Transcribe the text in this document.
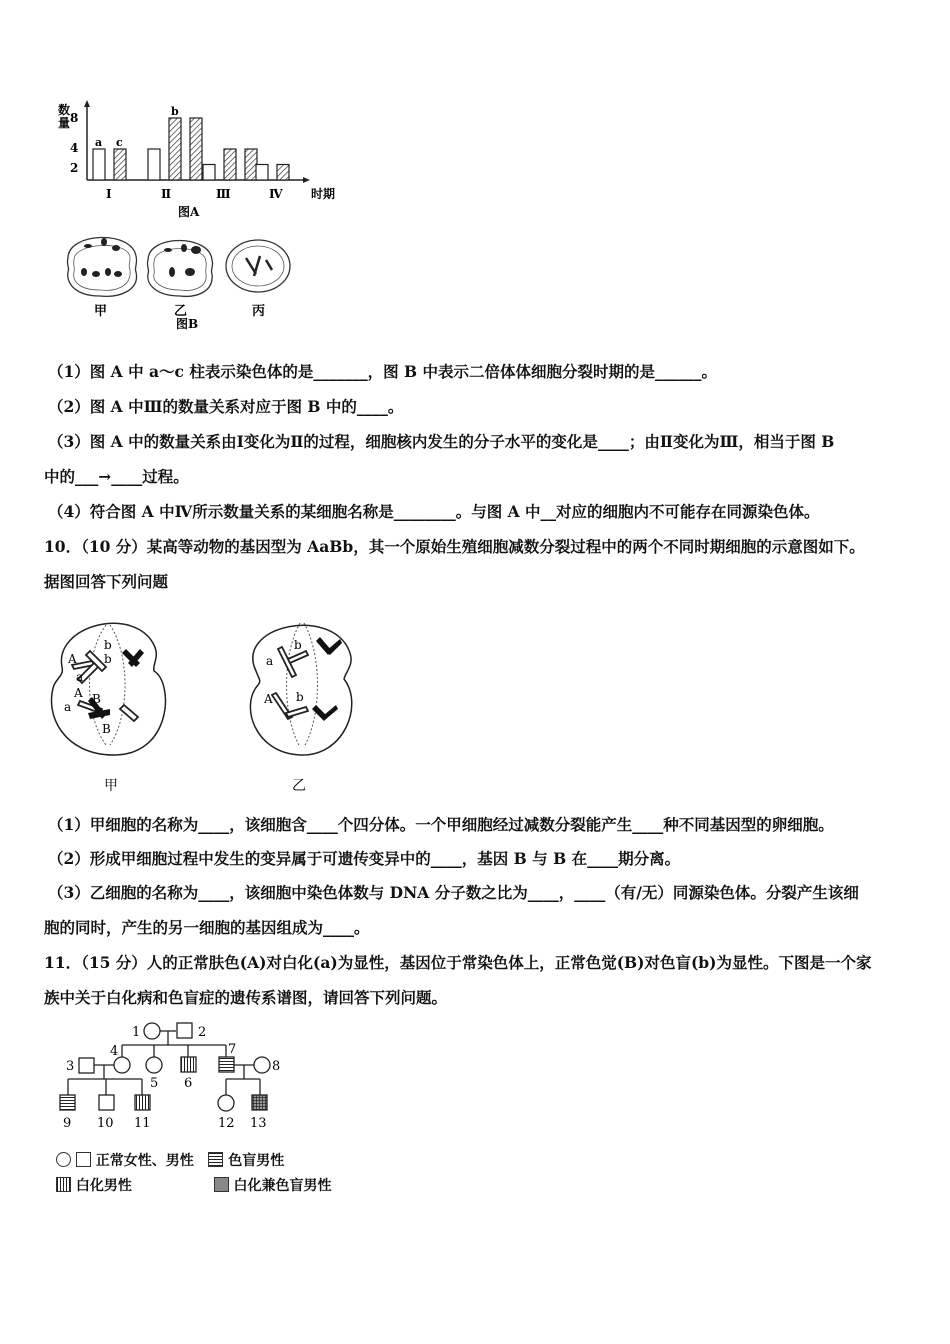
数
量 8
4
2
a c
b
Ⅰ	Ⅱ	Ⅲ	Ⅳ 时期
图A
甲	乙	丙
图B
（1）图 A 中 a～c 柱表示染色体的是_______，图 B 中表示二倍体体细胞分裂时期的是______。
（2）图 A 中Ⅲ的数量关系对应于图 B 中的____。
（3）图 A 中的数量关系由Ⅰ变化为Ⅱ的过程，细胞核内发生的分子水平的变化是____；由Ⅱ变化为Ⅲ，相当于图 B
中的___→____过程。
（4）符合图 A 中Ⅳ所示数量关系的某细胞名称是________。与图 A 中__对应的细胞内不可能存在同源染色体。
10．（10 分）某高等动物的基因型为 AaBb，其一个原始生殖细胞减数分裂过程中的两个不同时期细胞的示意图如下。
据图回答下列问题
A
a
b
b
A B
a
B
甲
a
b
A b
乙
（1）甲细胞的名称为____，该细胞含____个四分体。一个甲细胞经过减数分裂能产生____种不同基因型的卵细胞。
（2）形成甲细胞过程中发生的变异属于可遗传变异中的____，基因 B 与 B 在____期分离。
（3）乙细胞的名称为____，该细胞中染色体数与 DNA 分子数之比为____，____（有/无）同源染色体。分裂产生该细
胞的同时，产生的另一细胞的基因组成为____。
11．（15 分）人的正常肤色(A)对白化(a)为显性，基因位于常染色体上，正常色觉(B)对色盲(b)为显性。下图是一个家
族中关于白化病和色盲症的遗传系谱图，请回答下列问题。
1	2
3
4
5 6
7
8
9 10 11	12 13
正常女性、男性 色盲男性
白化男性	白化兼色盲男性
